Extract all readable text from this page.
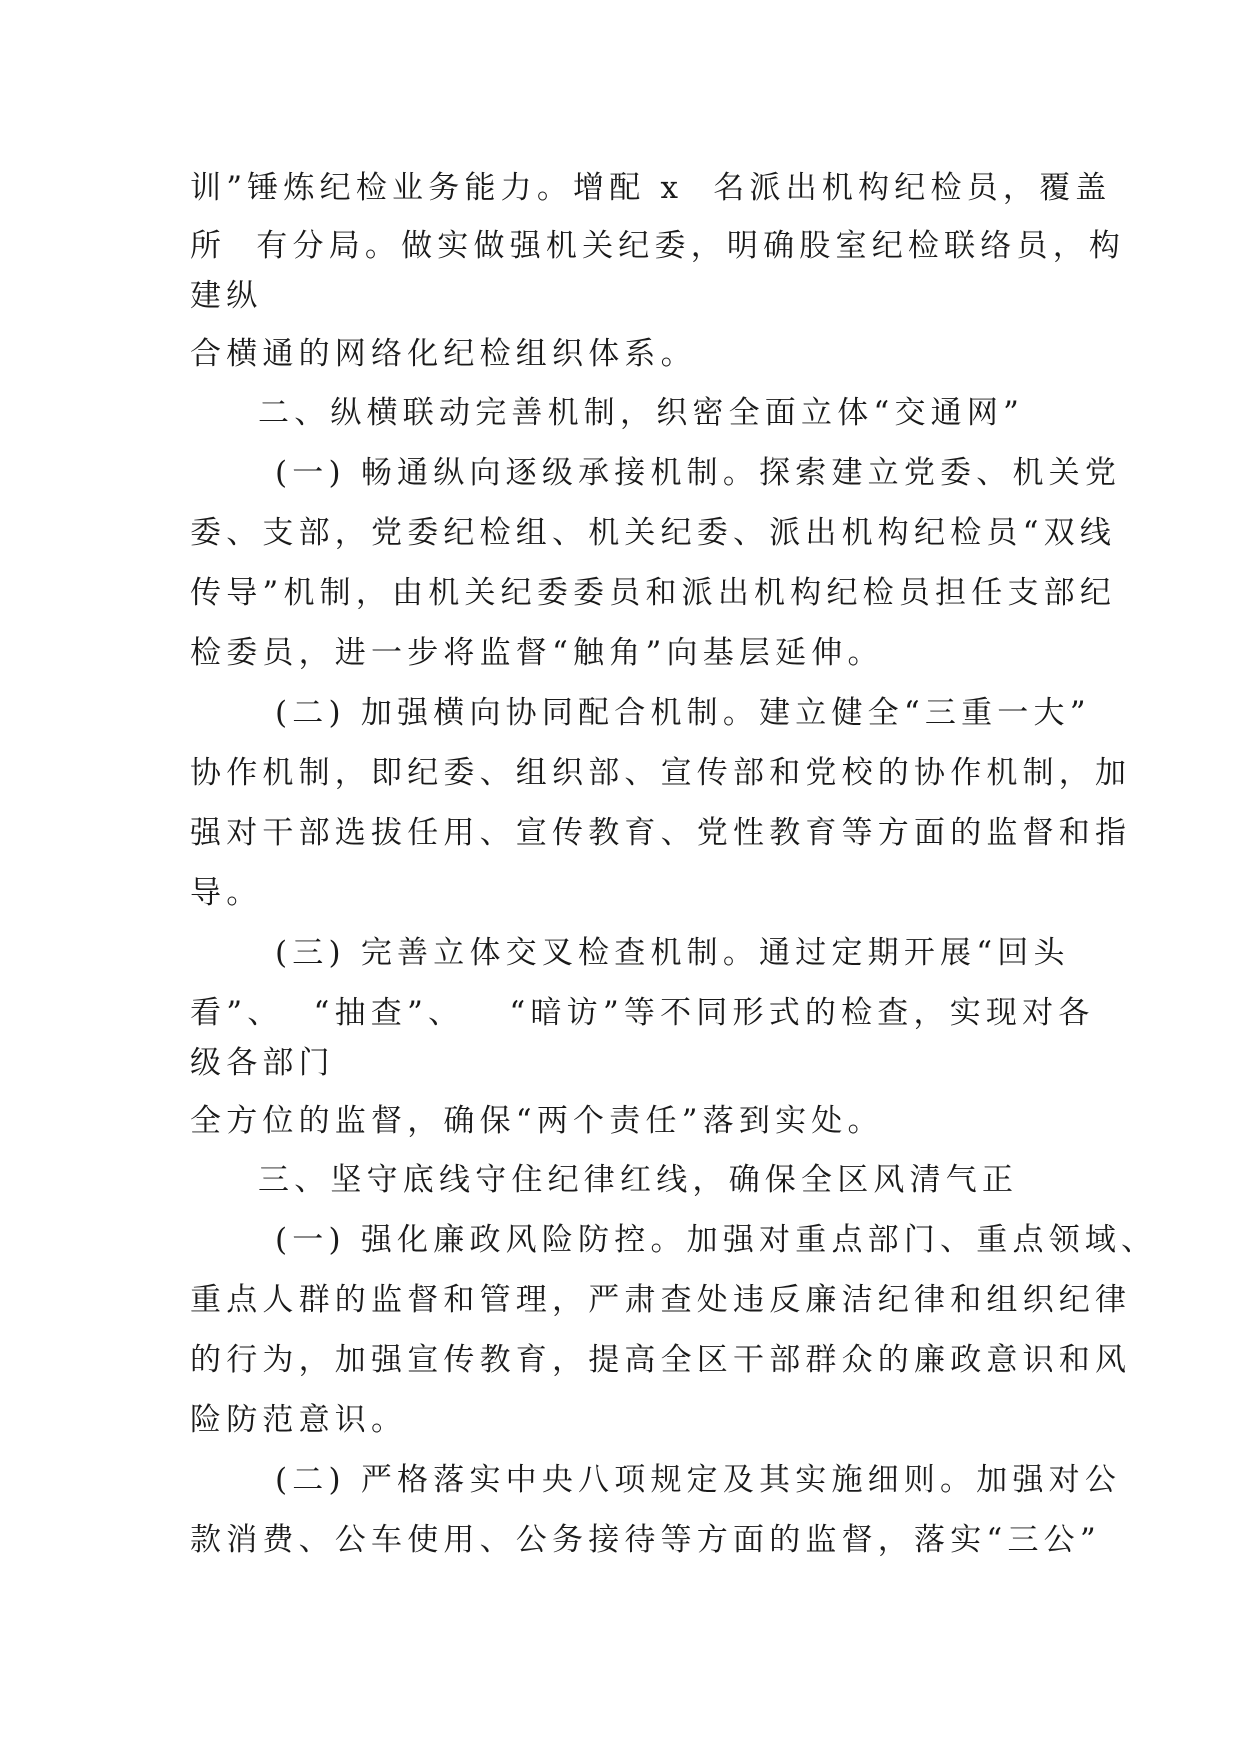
训”锤炼纪检业务能力。增配 x  名派出机构纪检员，覆盖
所  有分局。做实做强机关纪委，明确股室纪检联络员，构
建纵
合横通的网络化纪检组织体系。
二、纵横联动完善机制，织密全面立体“交通网”
(一) 畅通纵向逐级承接机制。探索建立党委、机关党
委、支部，党委纪检组、机关纪委、派出机构纪检员“双线
传导”机制，由机关纪委委员和派出机构纪检员担任支部纪
检委员，进一步将监督“触角”向基层延伸。
(二) 加强横向协同配合机制。建立健全“三重一大”
协作机制，即纪委、组织部、宣传部和党校的协作机制，加
强对干部选拔任用、宣传教育、党性教育等方面的监督和指
导。
(三) 完善立体交叉检查机制。通过定期开展“回头
看”、  “抽查”、   “暗访”等不同形式的检查，实现对各
级各部门
全方位的监督，确保“两个责任”落到实处。
三、坚守底线守住纪律红线，确保全区风清气正
(一) 强化廉政风险防控。加强对重点部门、重点领域、
重点人群的监督和管理，严肃查处违反廉洁纪律和组织纪律
的行为，加强宣传教育，提高全区干部群众的廉政意识和风
险防范意识。
(二) 严格落实中央八项规定及其实施细则。加强对公
款消费、公车使用、公务接待等方面的监督，落实“三公”
